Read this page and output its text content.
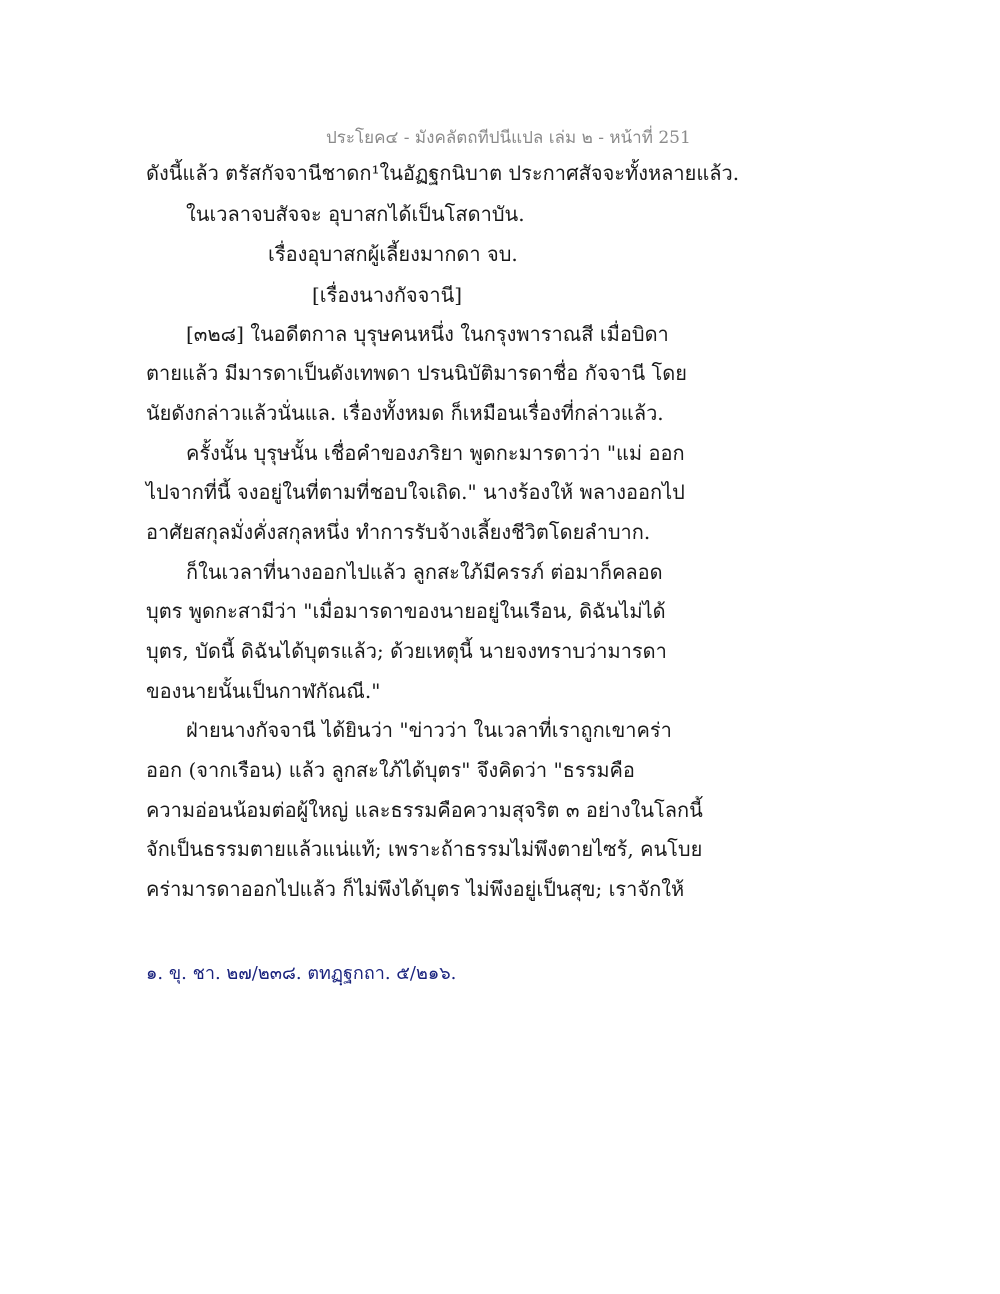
ประโยค๔ - มังคลัตถทีปนีแปล เล่ม ๒ - หน้าที่ 251
ดังนี้แล้ว ตรัสกัจจานีชาดก¹ในอัฏฐกนิบาต ประกาศสัจจะทั้งหลายแล้ว.
ในเวลาจบสัจจะ อุบาสกได้เป็นโสดาบัน.
เรื่องอุบาสกผู้เลี้ยงมากดา จบ.
[เรื่องนางกัจจานี]
[๓๒๘] ในอดีตกาล บุรุษคนหนึ่ง ในกรุงพาราณสี เมื่อบิดา
ตายแล้ว มีมารดาเป็นดังเทพดา ปรนนิบัติมารดาชื่อ กัจจานี โดย
นัยดังกล่าวแล้วนั่นแล. เรื่องทั้งหมด ก็เหมือนเรื่องที่กล่าวแล้ว.
ครั้งนั้น บุรุษนั้น เชื่อคำของภริยา พูดกะมารดาว่า "แม่ ออก
ไปจากที่นี้ จงอยู่ในที่ตามที่ชอบใจเถิด." นางร้องให้ พลางออกไป
อาศัยสกุลมั่งคั่งสกุลหนึ่ง ทำการรับจ้างเลี้ยงชีวิตโดยลำบาก.
ก็ในเวลาที่นางออกไปแล้ว ลูกสะใภ้มีครรภ์ ต่อมาก็คลอด
บุตร พูดกะสามีว่า "เมื่อมารดาของนายอยู่ในเรือน, ดิฉันไม่ได้
บุตร, บัดนี้ ดิฉันได้บุตรแล้ว; ด้วยเหตุนี้ นายจงทราบว่ามารดา
ของนายนั้นเป็นกาฬกัณณี."
ฝ่ายนางกัจจานี ได้ยินว่า "ข่าวว่า ในเวลาที่เราถูกเขาคร่า
ออก (จากเรือน) แล้ว ลูกสะใภ้ได้บุตร" จึงคิดว่า "ธรรมคือ
ความอ่อนน้อมต่อผู้ใหญ่ และธรรมคือความสุจริต ๓ อย่างในโลกนี้
จักเป็นธรรมตายแล้วแน่แท้; เพราะถ้าธรรมไม่พึงตายไซร้, คนโบย
คร่ามารดาออกไปแล้ว ก็ไม่พึงได้บุตร ไม่พึงอยู่เป็นสุข; เราจักให้
๑. ขุ. ชา. ๒๗/๒๓๘. ตทฏฺฐกถา. ๕/๒๑๖.
